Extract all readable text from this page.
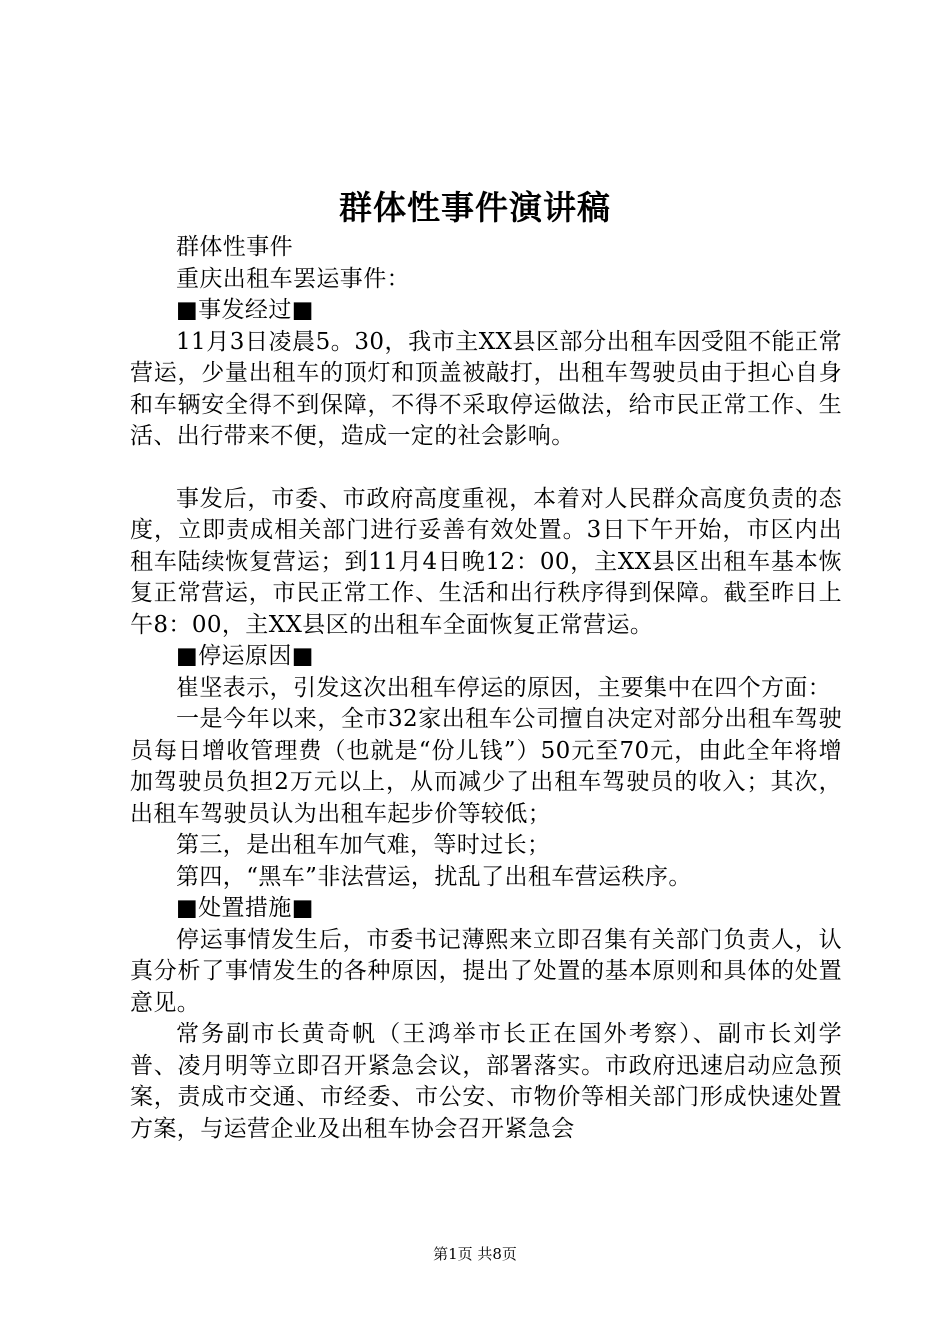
群体性事件演讲稿

群体性事件

重庆出租车罢运事件：

■事发经过■

11月3日凌晨5。30，我市主XX县区部分出租车因受阻不能正常营运，少量出租车的顶灯和顶盖被敲打，出租车驾驶员由于担心自身和车辆安全得不到保障，不得不采取停运做法，给市民正常工作、生活、出行带来不便，造成一定的社会影响。

事发后，市委、市政府高度重视，本着对人民群众高度负责的态度，立即责成相关部门进行妥善有效处置。3日下午开始，市区内出租车陆续恢复营运；到11月4日晚12：00，主XX县区出租车基本恢复正常营运，市民正常工作、生活和出行秩序得到保障。截至昨日上午8：00，主XX县区的出租车全面恢复正常营运。

■停运原因■

崔坚表示，引发这次出租车停运的原因，主要集中在四个方面：

一是今年以来，全市32家出租车公司擅自决定对部分出租车驾驶员每日增收管理费（也就是“份儿钱”）50元至70元，由此全年将增加驾驶员负担2万元以上，从而减少了出租车驾驶员的收入；其次，出租车驾驶员认为出租车起步价等较低；

第三，是出租车加气难，等时过长；

第四，“黑车”非法营运，扰乱了出租车营运秩序。

■处置措施■

停运事情发生后，市委书记薄熙来立即召集有关部门负责人，认真分析了事情发生的各种原因，提出了处置的基本原则和具体的处置意见。

常务副市长黄奇帆（王鸿举市长正在国外考察）、副市长刘学普、凌月明等立即召开紧急会议，部署落实。市政府迅速启动应急预案，责成市交通、市经委、市公安、市物价等相关部门形成快速处置方案，与运营企业及出租车协会召开紧急会

第1页 共8页
